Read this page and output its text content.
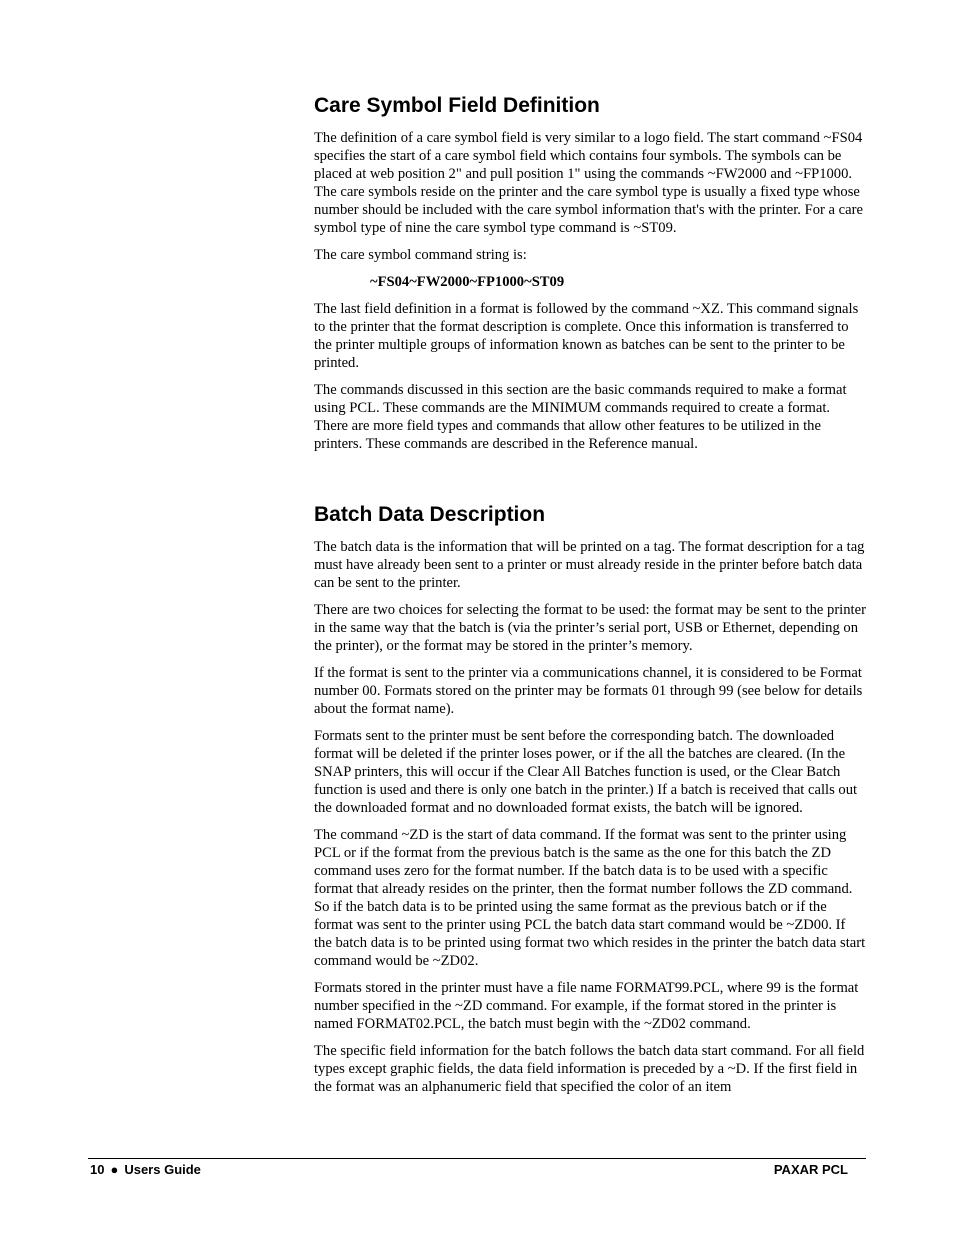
Care Symbol Field Definition

The definition of a care symbol field is very similar to a logo field. The start command ~FS04 specifies the start of a care symbol field which contains four symbols. The symbols can be placed at web position 2" and pull position 1" using the commands ~FW2000 and ~FP1000. The care symbols reside on the printer and the care symbol type is usually a fixed type whose number should be included with the care symbol information that's with the printer. For a care symbol type of nine the care symbol type command is ~ST09.

The care symbol command string is:

~FS04~FW2000~FP1000~ST09

The last field definition in a format is followed by the command ~XZ. This command signals to the printer that the format description is complete. Once this information is transferred to the printer multiple groups of information known as batches can be sent to the printer to be printed.

The commands discussed in this section are the basic commands required to make a format using PCL. These commands are the MINIMUM commands required to create a format. There are more field types and commands that allow other features to be utilized in the printers. These commands are described in the Reference manual.

Batch Data Description

The batch data is the information that will be printed on a tag. The format description for a tag must have already been sent to a printer or must already reside in the printer before batch data can be sent to the printer.

There are two choices for selecting the format to be used: the format may be sent to the printer in the same way that the batch is (via the printer’s serial port, USB or Ethernet, depending on the printer), or the format may be stored in the printer’s memory.

If the format is sent to the printer via a communications channel, it is considered to be Format number 00. Formats stored on the printer may be formats 01 through 99 (see below for details about the format name).

Formats sent to the printer must be sent before the corresponding batch. The downloaded format will be deleted if the printer loses power, or if the all the batches are cleared. (In the SNAP printers, this will occur if the Clear All Batches function is used, or the Clear Batch function is used and there is only one batch in the printer.) If a batch is received that calls out the downloaded format and no downloaded format exists, the batch will be ignored.

The command ~ZD is the start of data command. If the format was sent to the printer using PCL or if the format from the previous batch is the same as the one for this batch the ZD command uses zero for the format number. If the batch data is to be used with a specific format that already resides on the printer, then the format number follows the ZD command. So if the batch data is to be printed using the same format as the previous batch or if the format was sent to the printer using PCL the batch data start command would be ~ZD00. If the batch data is to be printed using format two which resides in the printer the batch data start command would be ~ZD02.

Formats stored in the printer must have a file name FORMAT99.PCL, where 99 is the format number specified in the ~ZD command. For example, if the format stored in the printer is named FORMAT02.PCL, the batch must begin with the ~ZD02 command.

The specific field information for the batch follows the batch data start command. For all field types except graphic fields, the data field information is preceded by a ~D. If the first field in the format was an alphanumeric field that specified the color of an item

10 ● Users Guide	PAXAR PCL
